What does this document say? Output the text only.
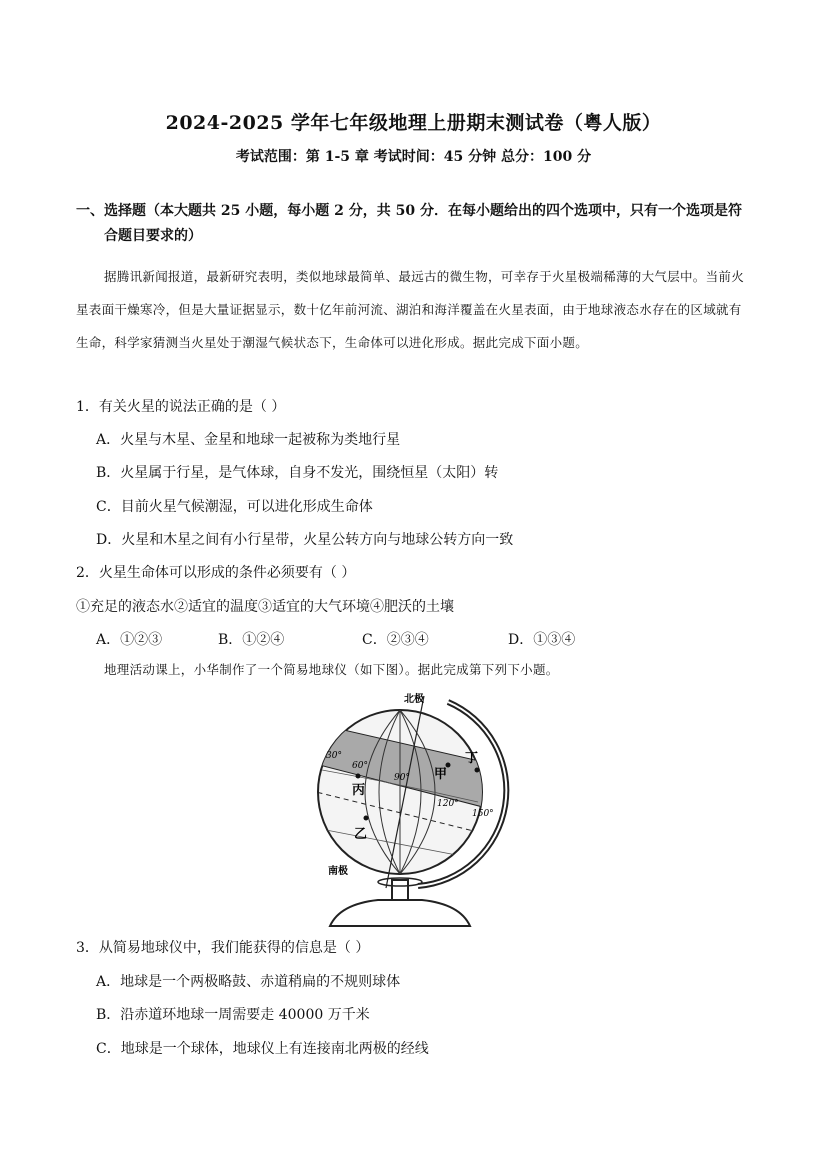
2024-2025 学年七年级地理上册期末测试卷（粤人版）
考试范围：第 1-5 章 考试时间：45 分钟 总分：100 分
一、选择题（本大题共 25 小题，每小题 2 分，共 50 分．在每小题给出的四个选项中，只有一个选项是符
合题目要求的）
据腾讯新闻报道，最新研究表明，类似地球最简单、最远古的微生物，可幸存于火星极端稀薄的大气层中。当前火星表面干燥寒冷，但是大量证据显示，数十亿年前河流、湖泊和海洋覆盖在火星表面，由于地球液态水存在的区域就有生命，科学家猜测当火星处于潮湿气候状态下，生命体可以进化形成。据此完成下面小题。
1．有关火星的说法正确的是（ ）
A．火星与木星、金星和地球一起被称为类地行星
B．火星属于行星，是气体球，自身不发光，围绕恒星（太阳）转
C．目前火星气候潮湿，可以进化形成生命体
D．火星和木星之间有小行星带，火星公转方向与地球公转方向一致
2．火星生命体可以形成的条件必须要有（ ）
①充足的液态水②适宜的温度③适宜的大气环境④肥沃的土壤
A．①②③	B．①②④	C．②③④	D．①③④
地理活动课上，小华制作了一个简易地球仪（如下图）。据此完成第下列下小题。
北极
南极
30°
60°
90°
120°
150°
甲
丁
丙
乙
3．从简易地球仪中，我们能获得的信息是（ ）
A．地球是一个两极略鼓、赤道稍扁的不规则球体
B．沿赤道环地球一周需要走 40000 万千米
C．地球是一个球体，地球仪上有连接南北两极的经线
